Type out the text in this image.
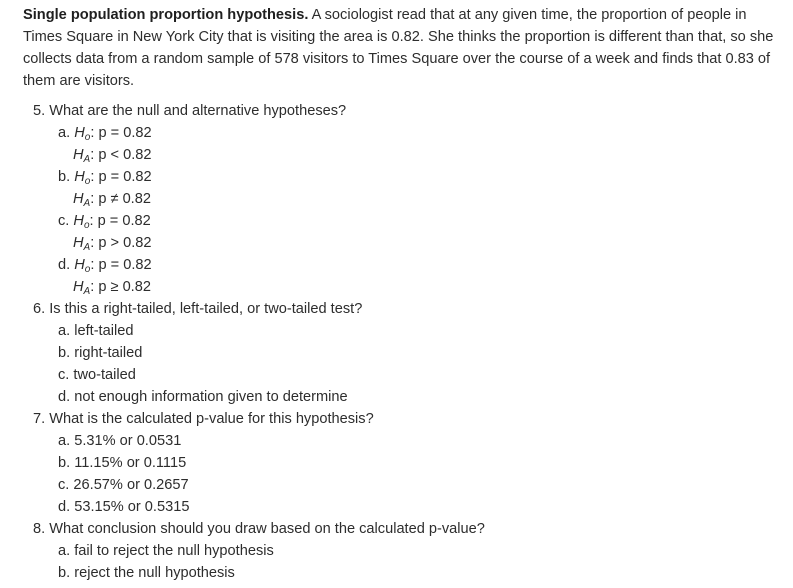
Single population proportion hypothesis. A sociologist read that at any given time, the proportion of people in Times Square in New York City that is visiting the area is 0.82. She thinks the proportion is different than that, so she collects data from a random sample of 578 visitors to Times Square over the course of a week and finds that 0.83 of them are visitors.

5. What are the null and alternative hypotheses?
a. $H_o$: p = 0.82
$H_A$: p < 0.82
b. $H_o$: p = 0.82
$H_A$: p ≠ 0.82
c. $H_o$: p = 0.82
$H_A$: p > 0.82
d. $H_o$: p = 0.82
$H_A$: p ≥ 0.82
6. Is this a right-tailed, left-tailed, or two-tailed test?
a. left-tailed
b. right-tailed
c. two-tailed
d. not enough information given to determine
7. What is the calculated p-value for this hypothesis?
a. 5.31% or 0.0531
b. 11.15% or 0.1115
c. 26.57% or 0.2657
d. 53.15% or 0.5315
8. What conclusion should you draw based on the calculated p-value?
a. fail to reject the null hypothesis
b. reject the null hypothesis
